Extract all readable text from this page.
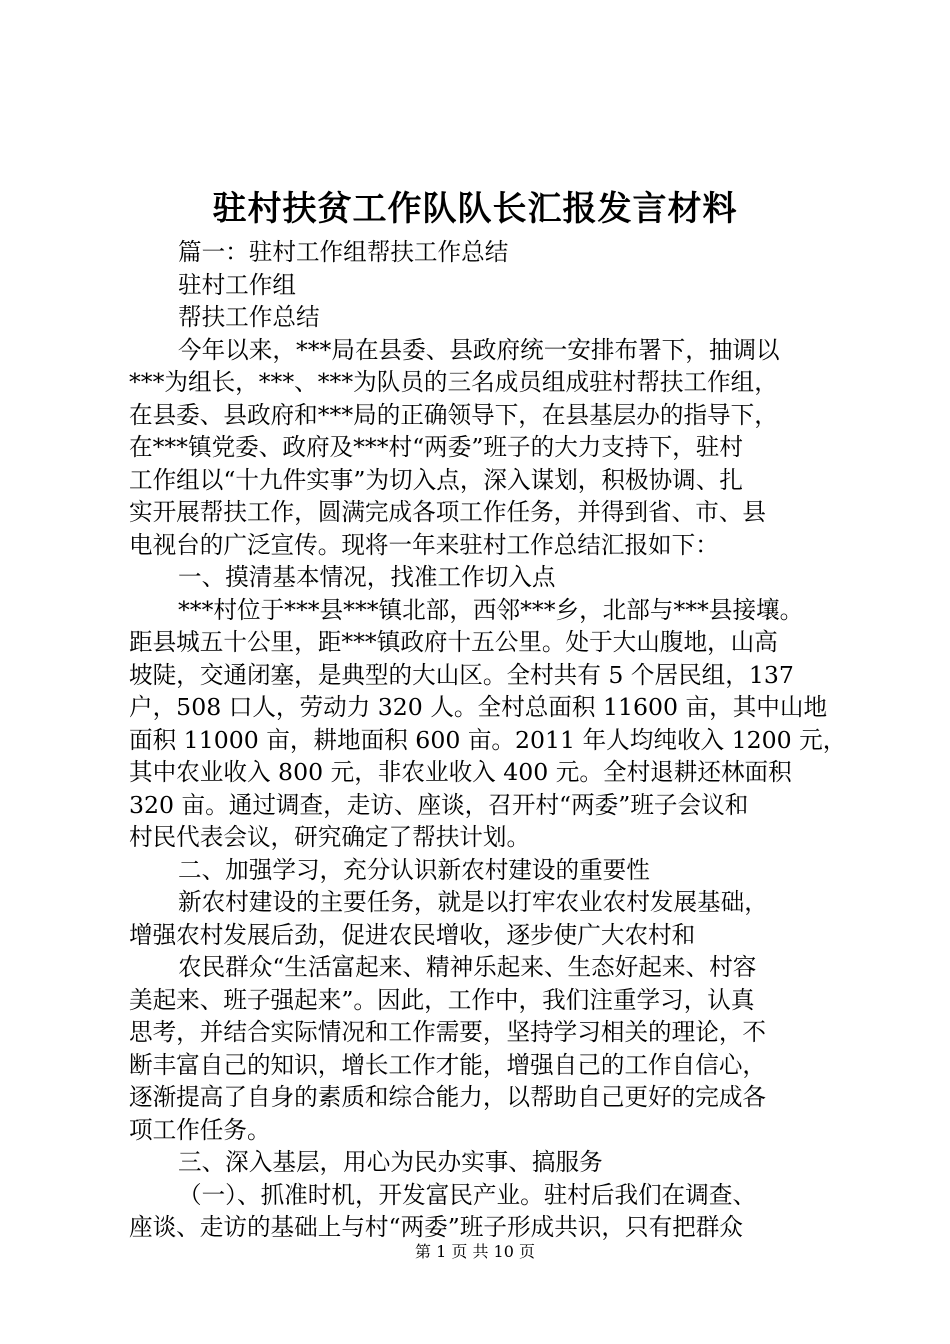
驻村扶贫工作队队长汇报发言材料
篇一：驻村工作组帮扶工作总结
驻村工作组
帮扶工作总结
今年以来，***局在县委、县政府统一安排布署下，抽调以
***为组长，***、***为队员的三名成员组成驻村帮扶工作组，
在县委、县政府和***局的正确领导下，在县基层办的指导下，
在***镇党委、政府及***村“两委”班子的大力支持下，驻村
工作组以“十九件实事”为切入点，深入谋划，积极协调、扎
实开展帮扶工作，圆满完成各项工作任务，并得到省、市、县
电视台的广泛宣传。现将一年来驻村工作总结汇报如下：
一、摸清基本情况，找准工作切入点
***村位于***县***镇北部，西邻***乡，北部与***县接壤。
距县城五十公里，距***镇政府十五公里。处于大山腹地，山高
坡陡，交通闭塞，是典型的大山区。全村共有 5 个居民组，137
户，508 口人，劳动力 320 人。全村总面积 11600 亩，其中山地
面积 11000 亩，耕地面积 600 亩。2011 年人均纯收入 1200 元，
其中农业收入 800 元，非农业收入 400 元。全村退耕还林面积
320 亩。通过调查，走访、座谈，召开村“两委”班子会议和
村民代表会议，研究确定了帮扶计划。
二、加强学习，充分认识新农村建设的重要性
新农村建设的主要任务，就是以打牢农业农村发展基础，
增强农村发展后劲，促进农民增收，逐步使广大农村和
农民群众“生活富起来、精神乐起来、生态好起来、村容
美起来、班子强起来”。因此，工作中，我们注重学习，认真
思考，并结合实际情况和工作需要，坚持学习相关的理论，不
断丰富自己的知识，增长工作才能，增强自己的工作自信心，
逐渐提高了自身的素质和综合能力，以帮助自己更好的完成各
项工作任务。
三、深入基层，用心为民办实事、搞服务
（一）、抓准时机，开发富民产业。驻村后我们在调查、
座谈、走访的基础上与村“两委”班子形成共识，只有把群众
第 1 页 共 10 页
